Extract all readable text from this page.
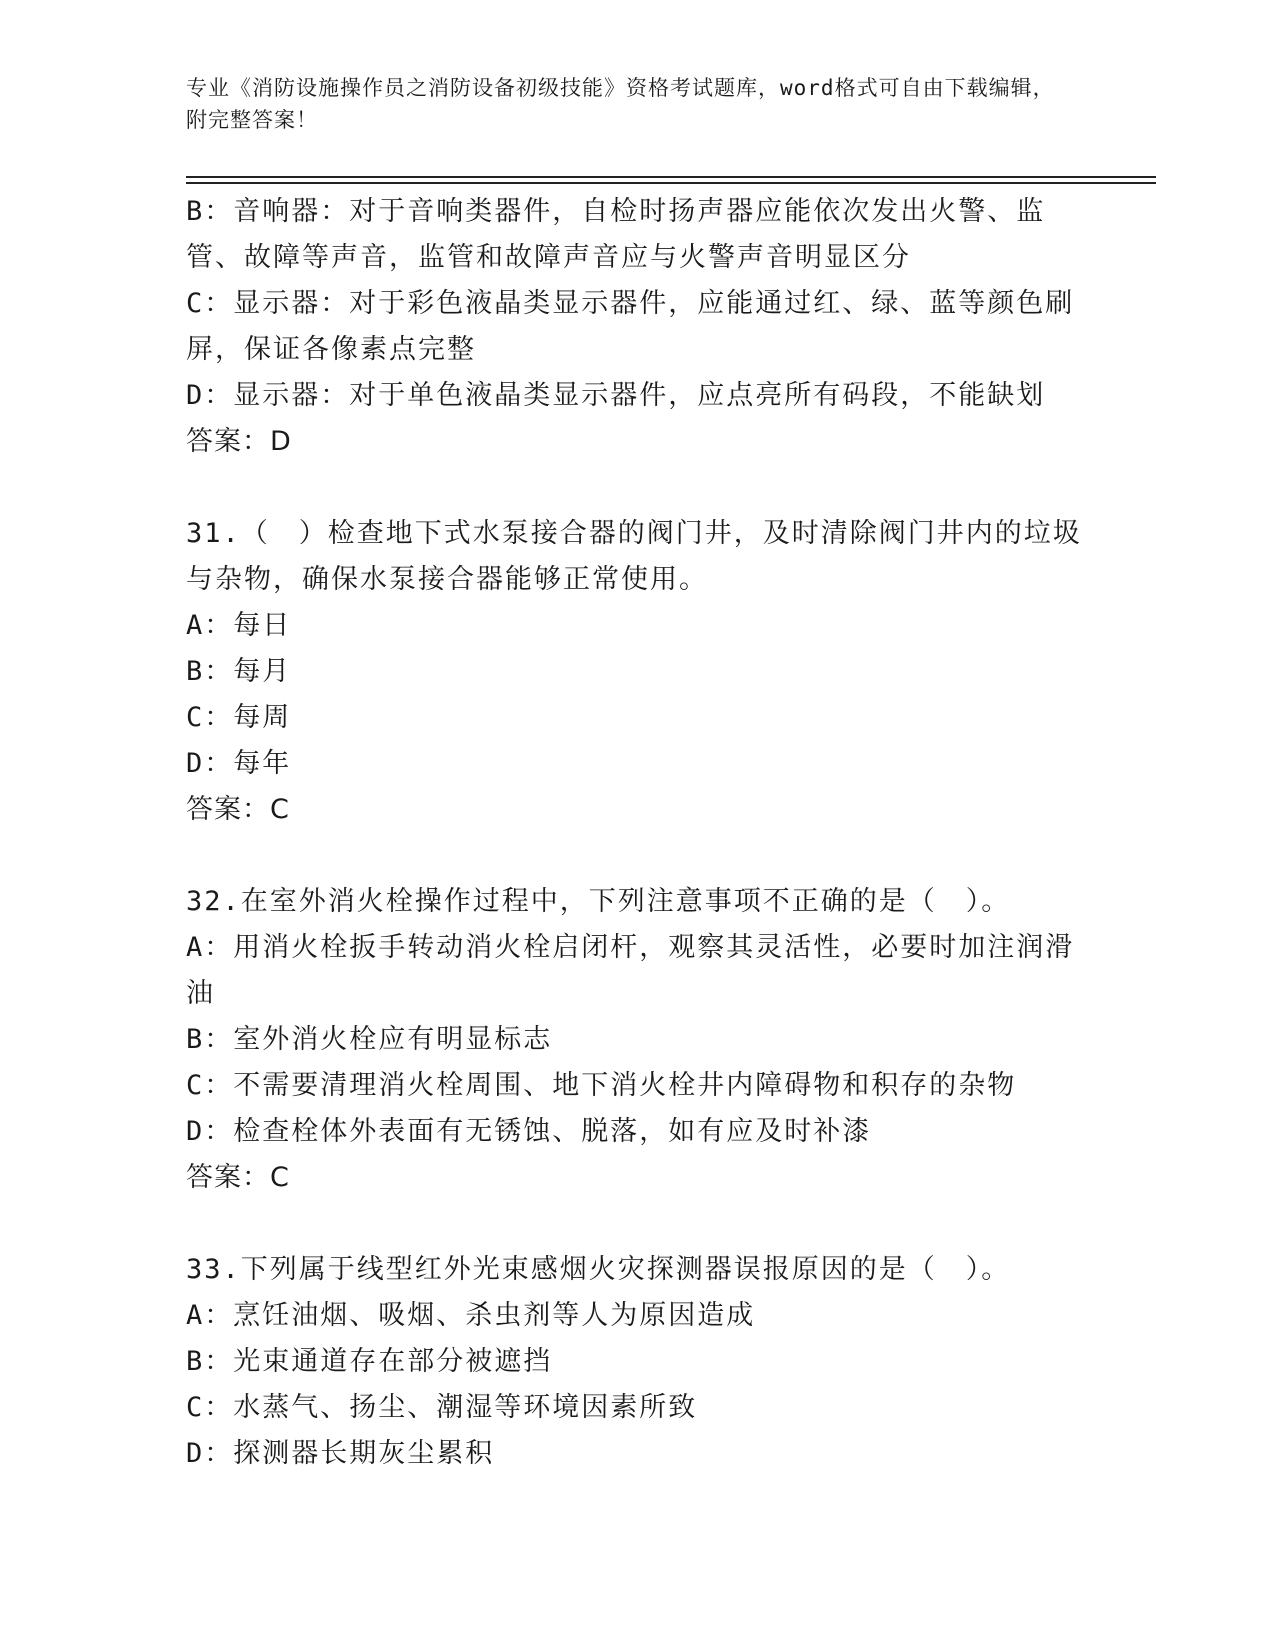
专业《消防设施操作员之消防设备初级技能》资格考试题库，word格式可自由下载编辑，附完整答案！
B：音响器：对于音响类器件，自检时扬声器应能依次发出火警、监管、故障等声音，监管和故障声音应与火警声音明显区分
C：显示器：对于彩色液晶类显示器件，应能通过红、绿、蓝等颜色刷屏，保证各像素点完整
D：显示器：对于单色液晶类显示器件，应点亮所有码段，不能缺划
答案：D
31.（　）检查地下式水泵接合器的阀门井，及时清除阀门井内的垃圾与杂物，确保水泵接合器能够正常使用。
A：每日
B：每月
C：每周
D：每年
答案：C
32.在室外消火栓操作过程中，下列注意事项不正确的是（　）。
A：用消火栓扳手转动消火栓启闭杆，观察其灵活性，必要时加注润滑油
B：室外消火栓应有明显标志
C：不需要清理消火栓周围、地下消火栓井内障碍物和积存的杂物
D：检查栓体外表面有无锈蚀、脱落，如有应及时补漆
答案：C
33.下列属于线型红外光束感烟火灾探测器误报原因的是（　）。
A：烹饪油烟、吸烟、杀虫剂等人为原因造成
B：光束通道存在部分被遮挡
C：水蒸气、扬尘、潮湿等环境因素所致
D：探测器长期灰尘累积
